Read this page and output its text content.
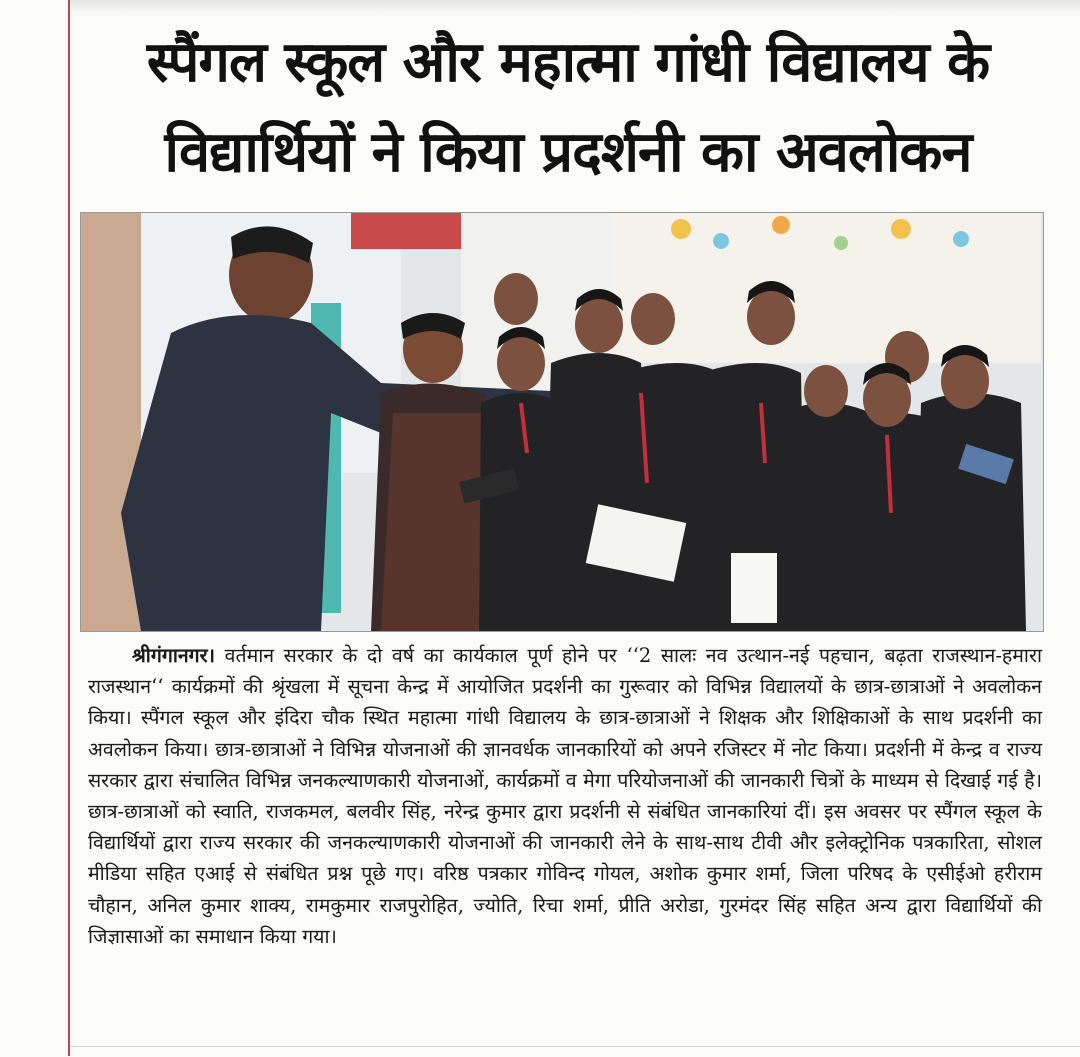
स्पैंगल स्कूल और महात्मा गांधी विद्यालय के विद्यार्थियों ने किया प्रदर्शनी का अवलोकन

श्रीगंगानगर। वर्तमान सरकार के दो वर्ष का कार्यकाल पूर्ण होने पर ‘‘2 सालः नव उत्थान-नई पहचान, बढ़ता राजस्थान-हमारा राजस्थान‘‘ कार्यक्रमों की श्रृंखला में सूचना केन्द्र में आयोजित प्रदर्शनी का गुरूवार को विभिन्न विद्यालयों के छात्र-छात्राओं ने अवलोकन किया। स्पैंगल स्कूल और इंदिरा चौक स्थित महात्मा गांधी विद्यालय के छात्र-छात्राओं ने शिक्षक और शिक्षिकाओं के साथ प्रदर्शनी का अवलोकन किया। छात्र-छात्राओं ने विभिन्न योजनाओं की ज्ञानवर्धक जानकारियों को अपने रजिस्टर में नोट किया। प्रदर्शनी में केन्द्र व राज्य सरकार द्वारा संचालित विभिन्न जनकल्याणकारी योजनाओं, कार्यक्रमों व मेगा परियोजनाओं की जानकारी चित्रों के माध्यम से दिखाई गई है। छात्र-छात्राओं को स्वाति, राजकमल, बलवीर सिंह, नरेन्द्र कुमार द्वारा प्रदर्शनी से संबंधित जानकारियां दीं। इस अवसर पर स्पैंगल स्कूल के विद्यार्थियों द्वारा राज्य सरकार की जनकल्याणकारी योजनाओं की जानकारी लेने के साथ-साथ टीवी और इलेक्ट्रोनिक पत्रकारिता, सोशल मीडिया सहित एआई से संबंधित प्रश्न पूछे गए। वरिष्ठ पत्रकार गोविन्द गोयल, अशोक कुमार शर्मा, जिला परिषद के एसीईओ हरीराम चौहान, अनिल कुमार शाक्य, रामकुमार राजपुरोहित, ज्योति, रिचा शर्मा, प्रीति अरोडा, गुरमंदर सिंह सहित अन्य द्वारा विद्यार्थियों की जिज्ञासाओं का समाधान किया गया।
